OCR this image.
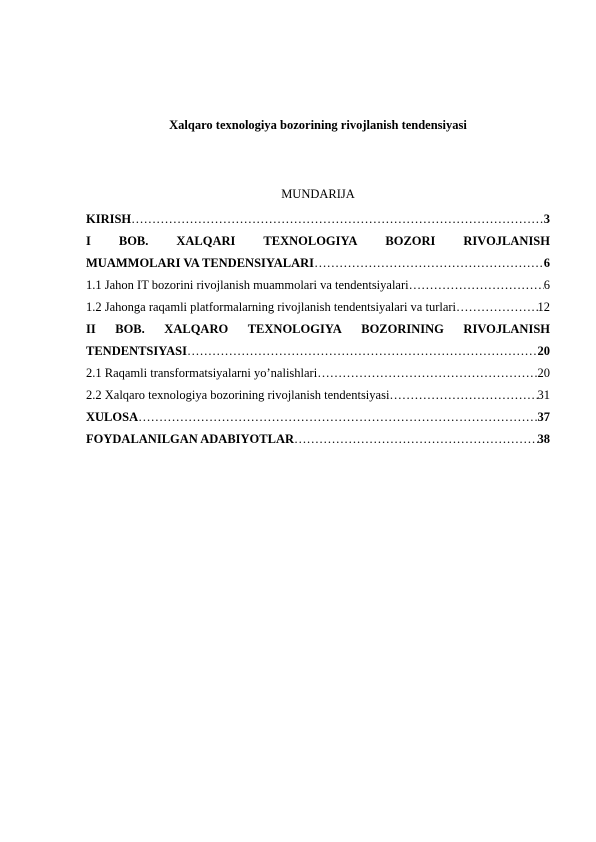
Xalqaro texnologiya bozorining rivojlanish tendensiyasi
MUNDARIJA
KIRISH …………………………………………………………………………………………………………………………………………	3
I BOB. XALQARI TEXNOLOGIYA BOZORI RIVOJLANISH
MUAMMOLARI VA TENDENSIYALARI …………………………………………………………………………………………………………………………………………	6
1.1 Jahon IT bozorini rivojlanish muammolari va tendentsiyalari …………………………………………………………………………………………………………………………………………	6
1.2 Jahonga raqamli platformalarning rivojlanish tendentsiyalari va turlari …………………………………………………………………………………………………………………………………………	12
II BOB. XALQARO TEXNOLOGIYA BOZORINING RIVOJLANISH
TENDENTSIYASI …………………………………………………………………………………………………………………………………………	20
2.1 Raqamli transformatsiyalarni yo’nalishlari …………………………………………………………………………………………………………………………………………	20
2.2 Xalqaro texnologiya bozorining rivojlanish tendentsiyasi …………………………………………………………………………………………………………………………………………	31
XULOSA …………………………………………………………………………………………………………………………………………	37
FOYDALANILGAN ADABIYOTLAR …………………………………………………………………………………………………………………………………………	38
